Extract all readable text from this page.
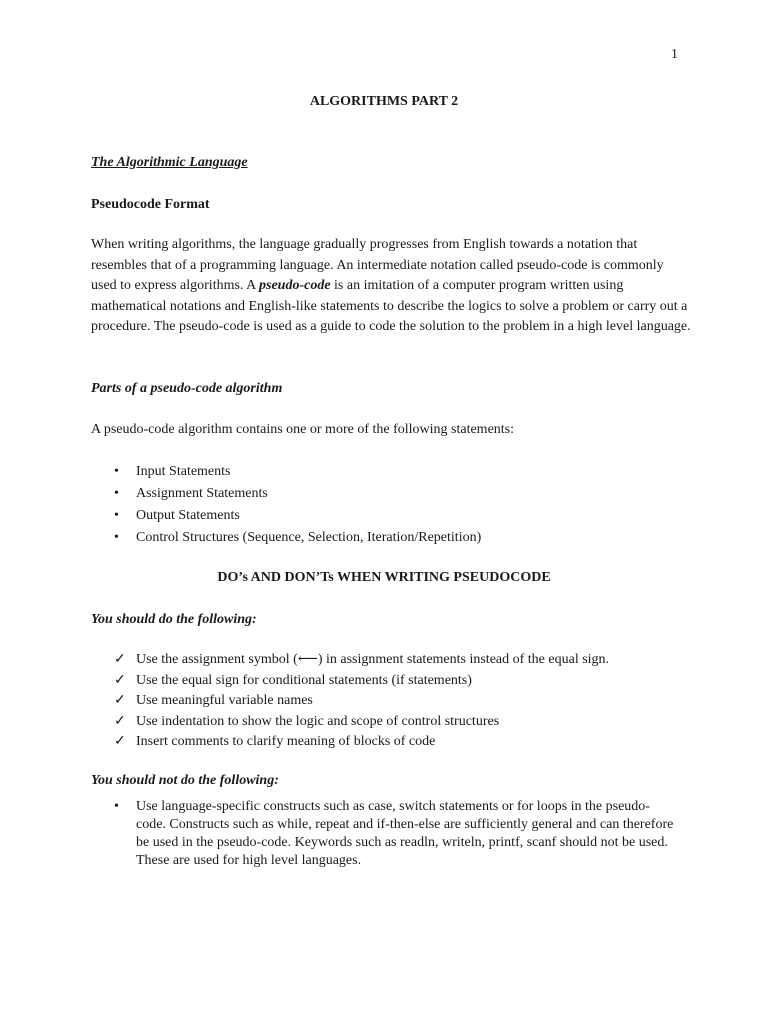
1
ALGORITHMS PART 2
The Algorithmic Language
Pseudocode Format

When writing algorithms, the language gradually progresses from English towards a notation that resembles that of a programming language. An intermediate notation called pseudo-code is commonly used to express algorithms. A pseudo-code is an imitation of a computer program written using mathematical notations and English-like statements to describe the logics to solve a problem or carry out a procedure. The pseudo-code is used as a guide to code the solution to the problem in a high level language.

Parts of a pseudo-code algorithm

A pseudo-code algorithm contains one or more of the following statements:

• Input Statements
• Assignment Statements
• Output Statements
• Control Structures (Sequence, Selection, Iteration/Repetition)
DO’s AND DON’Ts WHEN WRITING PSEUDOCODE
You should do the following:
✓ Use the assignment symbol (⟵) in assignment statements instead of the equal sign.
✓ Use the equal sign for conditional statements (if statements)
✓ Use meaningful variable names
✓ Use indentation to show the logic and scope of control structures
✓ Insert comments to clarify meaning of blocks of code
You should not do the following:
• Use language-specific constructs such as case, switch statements or for loops in the pseudo-code. Constructs such as while, repeat and if-then-else are sufficiently general and can therefore be used in the pseudo-code. Keywords such as readln, writeln, printf, scanf should not be used. These are used for high level languages.
